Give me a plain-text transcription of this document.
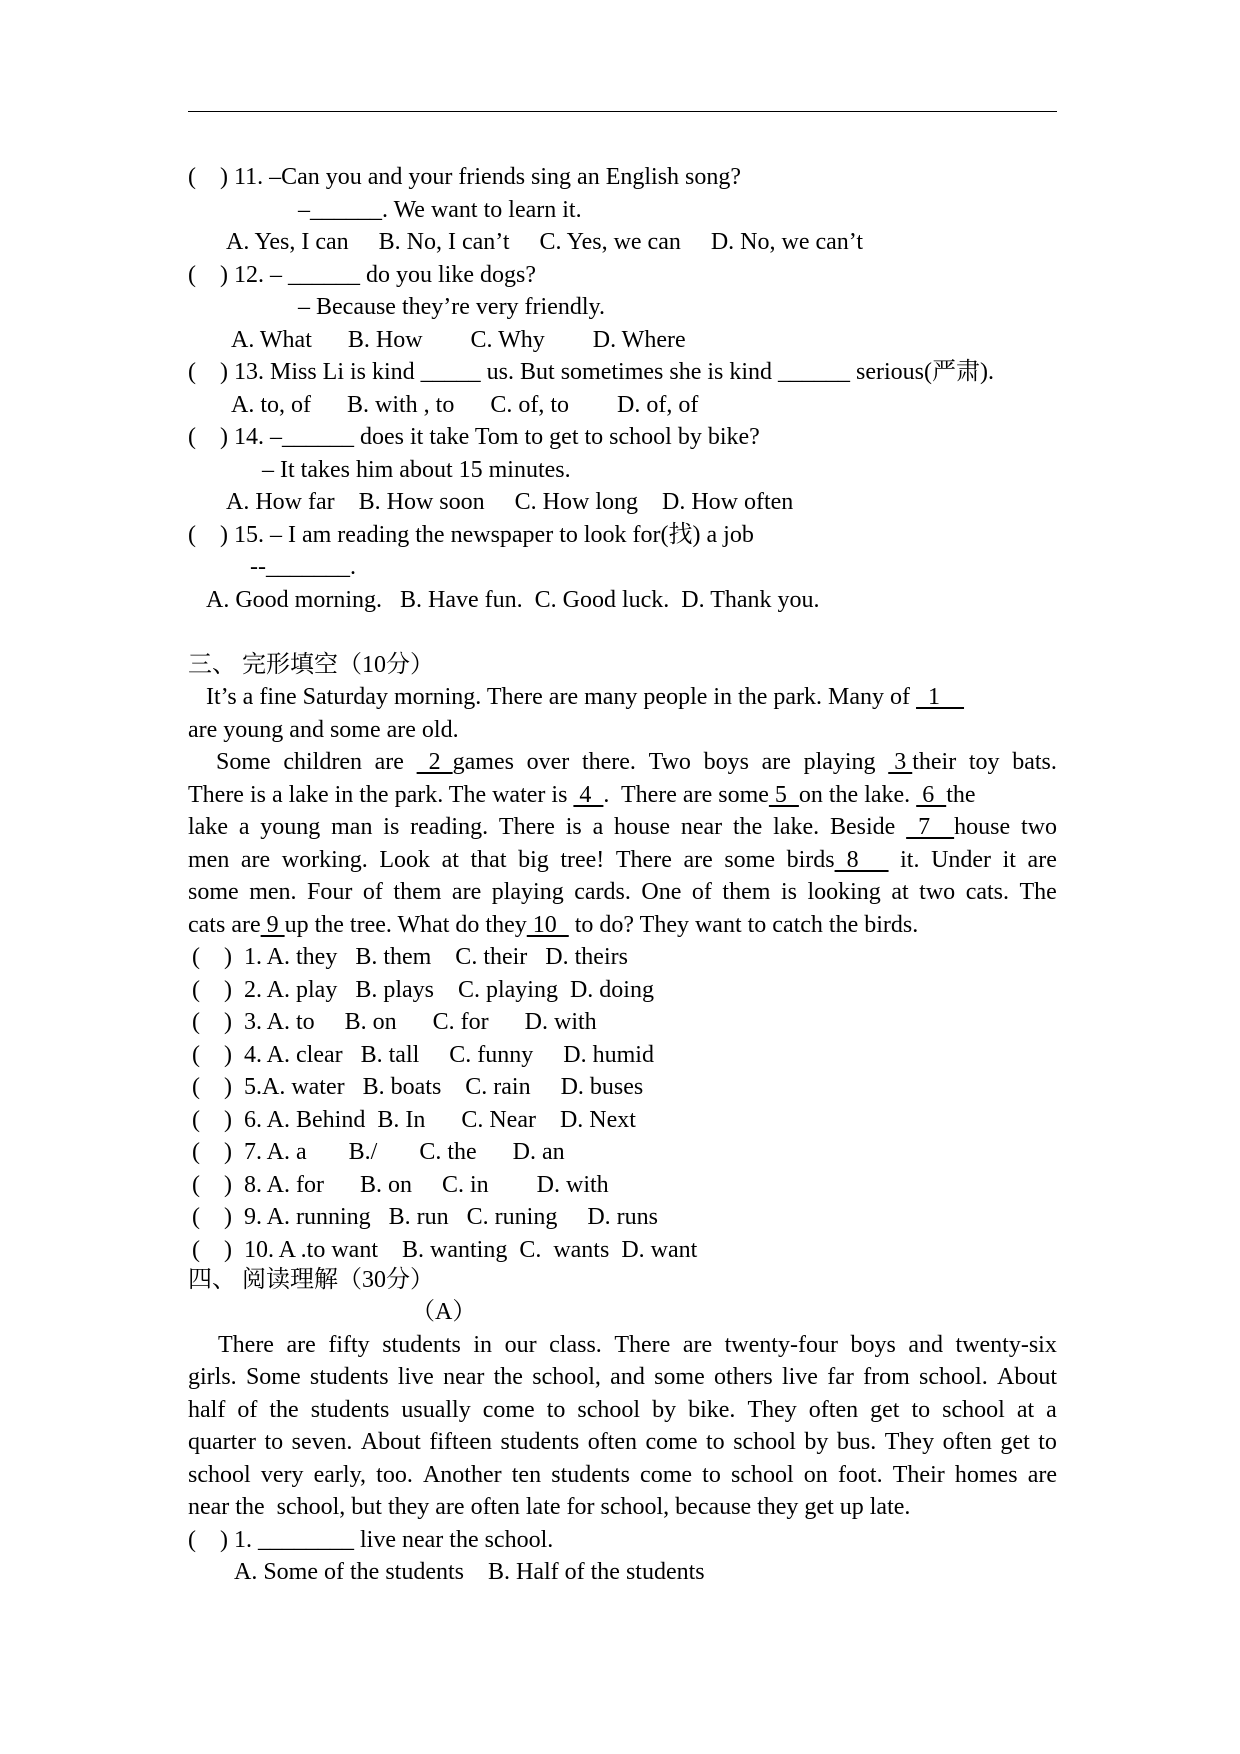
(    ) 11. –Can you and your friends sing an English song?
–______. We want to learn it.
A. Yes, I can     B. No, I can’t     C. Yes, we can     D. No, we can’t
(    ) 12. – ______ do you like dogs?
– Because they’re very friendly.
A. What      B. How        C. Why        D. Where
(    ) 13. Miss Li is kind _____ us. But sometimes she is kind ______ serious(严肃).
A. to, of      B. with , to      C. of, to        D. of, of
(    ) 14. –______ does it take Tom to get to school by bike?
– It takes him about 15 minutes.
A. How far    B. How soon     C. How long    D. How often
(    ) 15. – I am reading the newspaper to look for(找) a job
--_______.
A. Good morning.   B. Have fun.  C. Good luck.  D. Thank you.
三、 完形填空（10分）
It’s a fine Saturday morning. There are many people in the park. Many of   1
are young and some are old.
Some children are 2  games over there. Two boys are playing 3 their toy bats.
There is a lake in the park. The water is  4  .  There are some 5  on the lake.  6  the
lake a young man is reading. There is a house near the lake. Beside 7    house two
men are working. Look at that big tree! There are some birds  8 it. Under it are
some men. Four of them are playing cards. One of them is looking at two cats. The
cats are 9 up the tree. What do they 10   to do? They want to catch the birds.
(    )  1. A. they   B. them    C. their   D. theirs
(    )  2. A. play   B. plays    C. playing  D. doing
(    )  3. A. to     B. on      C. for      D. with
(    )  4. A. clear   B. tall     C. funny     D. humid
(    )  5.A. water   B. boats    C. rain     D. buses
(    )  6. A. Behind  B. In      C. Near    D. Next
(    )  7. A. a       B./       C. the      D. an
(    )  8. A. for      B. on     C. in        D. with
(    )  9. A. running   B. run   C. runing     D. runs
(    )  10. A .to want    B. wanting  C.  wants  D. want
四、 阅读理解（30分）
（A）
There are fifty students in our class. There are twenty-four boys and twenty-six
girls. Some students live near the school, and some others live far from school. About
half of the students usually come to school by bike. They often get to school at a
quarter to seven. About fifteen students often come to school by bus. They often get to
school very early, too. Another ten students come to school on foot. Their homes are
near the  school, but they are often late for school, because they get up late.
(    ) 1. ________ live near the school.
A. Some of the students    B. Half of the students
